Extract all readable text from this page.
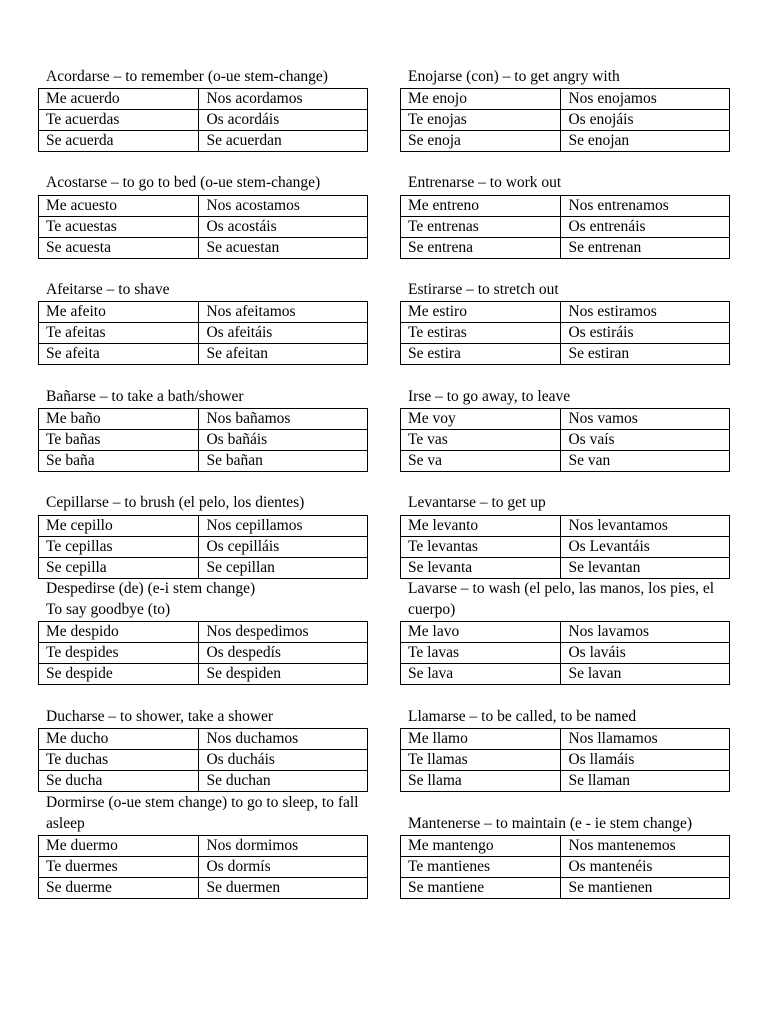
Acordarse – to remember (o-ue stem-change)
Me acuerdo	Nos acordamos
Te acuerdas	Os acordáis
Se acuerda	Se acuerdan
Acostarse – to go to bed (o-ue stem-change)
Me acuesto	Nos acostamos
Te acuestas	Os acostáis
Se acuesta	Se acuestan
Afeitarse – to shave
Me afeito	Nos afeitamos
Te afeitas	Os afeitáis
Se afeita	Se afeitan
Bañarse – to take a bath/shower
Me baño	Nos bañamos
Te bañas	Os bañáis
Se baña	Se bañan
Cepillarse – to brush (el pelo, los dientes)
Me cepillo	Nos cepillamos
Te cepillas	Os cepilláis
Se cepilla	Se cepillan
Despedirse (de) (e-i stem change)
To say goodbye (to)
Me despido	Nos despedimos
Te despides	Os despedís
Se despide	Se despiden
Ducharse – to shower, take a shower
Me ducho	Nos duchamos
Te duchas	Os ducháis
Se ducha	Se duchan
Dormirse (o-ue stem change) to go to sleep, to fall asleep
Me duermo	Nos dormimos
Te duermes	Os dormís
Se duerme	Se duermen
Enojarse (con) – to get angry with
Me enojo	Nos enojamos
Te enojas	Os enojáis
Se enoja	Se enojan
Entrenarse – to work out
Me entreno	Nos entrenamos
Te entrenas	Os entrenáis
Se entrena	Se entrenan
Estirarse – to stretch out
Me estiro	Nos estiramos
Te estiras	Os estiráis
Se estira	Se estiran
Irse – to go away, to leave
Me voy	Nos vamos
Te vas	Os vaís
Se va	Se van
Levantarse – to get up
Me levanto	Nos levantamos
Te levantas	Os Levantáis
Se levanta	Se levantan
Lavarse – to wash (el pelo, las manos, los pies, el cuerpo)
Me lavo	Nos lavamos
Te lavas	Os laváis
Se lava	Se lavan
Llamarse – to be called, to be named
Me llamo	Nos llamamos
Te llamas	Os llamáis
Se llama	Se llaman
Mantenerse – to maintain (e - ie stem change)
Me mantengo	Nos mantenemos
Te mantienes	Os mantenéis
Se mantiene	Se mantienen
